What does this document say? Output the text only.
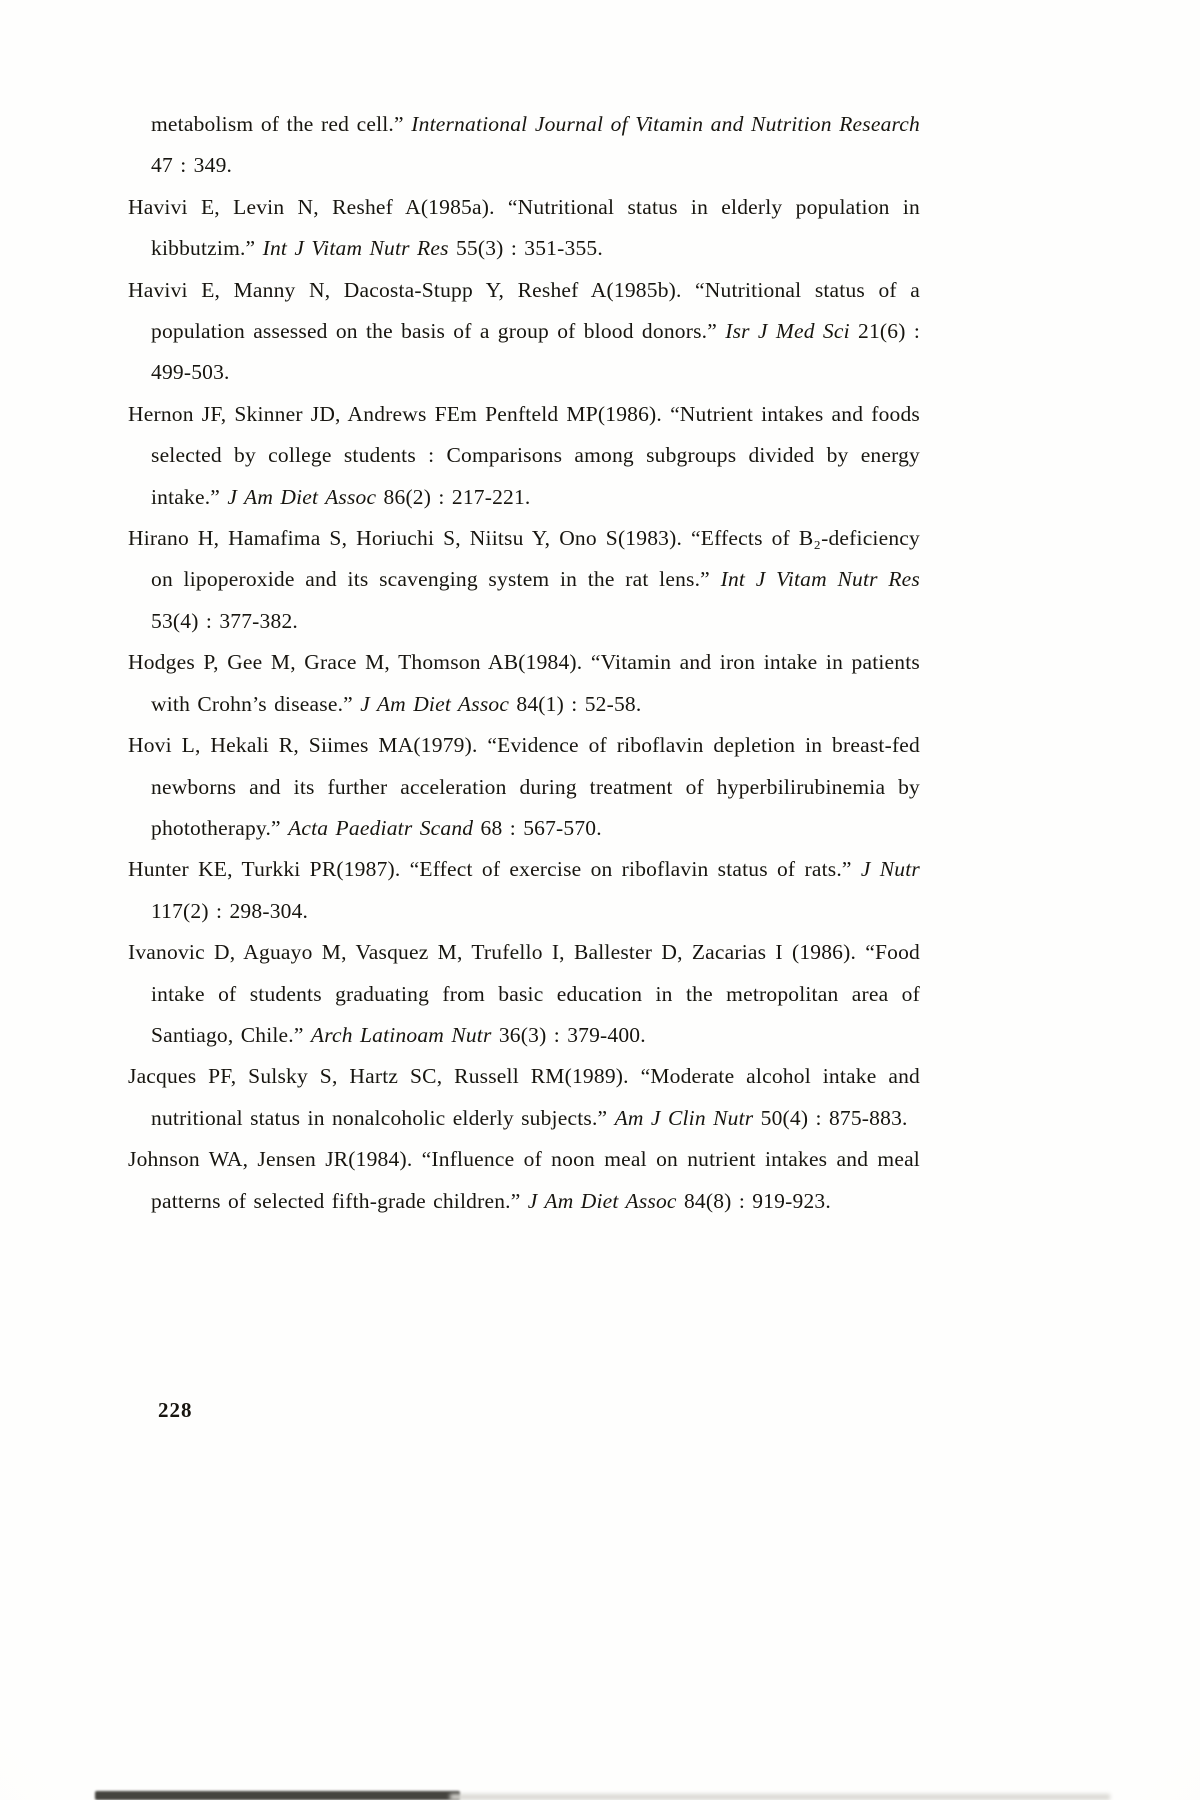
metabolism of the red cell.” International Journal of Vitamin and Nutrition Research 47 : 349.

Havivi E, Levin N, Reshef A(1985a). “Nutritional status in elderly population in kibbutzim.” Int J Vitam Nutr Res 55(3) : 351-355.

Havivi E, Manny N, Dacosta-Stupp Y, Reshef A(1985b). “Nutritional status of a population assessed on the basis of a group of blood donors.” Isr J Med Sci 21(6) : 499-503.

Hernon JF, Skinner JD, Andrews FEm Penfteld MP(1986). “Nutrient intakes and foods selected by college students : Comparisons among subgroups divided by energy intake.” J Am Diet Assoc 86(2) : 217-221.

Hirano H, Hamafima S, Horiuchi S, Niitsu Y, Ono S(1983). “Effects of B₂-deficiency on lipoperoxide and its scavenging system in the rat lens.” Int J Vitam Nutr Res 53(4) : 377-382.

Hodges P, Gee M, Grace M, Thomson AB(1984). “Vitamin and iron intake in patients with Crohn’s disease.” J Am Diet Assoc 84(1) : 52-58.

Hovi L, Hekali R, Siimes MA(1979). “Evidence of riboflavin depletion in breast-fed newborns and its further acceleration during treatment of hyperbilirubinemia by phototherapy.” Acta Paediatr Scand 68 : 567-570.

Hunter KE, Turkki PR(1987). “Effect of exercise on riboflavin status of rats.” J Nutr 117(2) : 298-304.

Ivanovic D, Aguayo M, Vasquez M, Trufello I, Ballester D, Zacarias I (1986). “Food intake of students graduating from basic education in the metropolitan area of Santiago, Chile.” Arch Latinoam Nutr 36(3) : 379-400.

Jacques PF, Sulsky S, Hartz SC, Russell RM(1989). “Moderate alcohol intake and nutritional status in nonalcoholic elderly subjects.” Am J Clin Nutr 50(4) : 875-883.

Johnson WA, Jensen JR(1984). “Influence of noon meal on nutrient intakes and meal patterns of selected fifth-grade children.” J Am Diet Assoc 84(8) : 919-923.

228
